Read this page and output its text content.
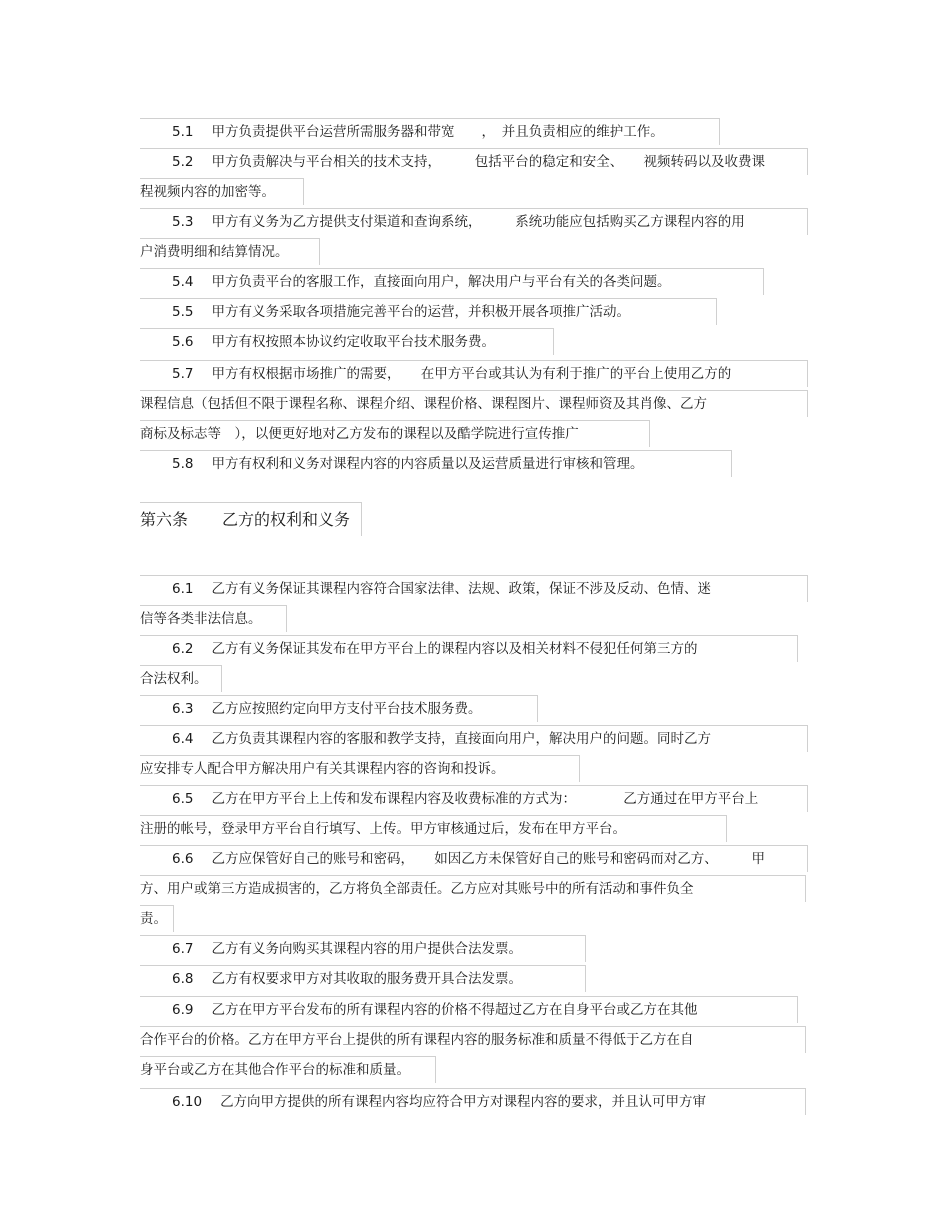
5.1 甲方负责提供平台运营所需服务器和带宽　　，　并且负责相应的维护工作。
5.2 甲方负责解决与平台相关的技术支持，　　　包括平台的稳定和安全、　　视频转码以及收费课
程视频内容的加密等。
5.3 甲方有义务为乙方提供支付渠道和查询系统，　　　系统功能应包括购买乙方课程内容的用
户消费明细和结算情况。
5.4 甲方负责平台的客服工作，直接面向用户，解决用户与平台有关的各类问题。
5.5 甲方有义务采取各项措施完善平台的运营，并积极开展各项推广活动。
5.6 甲方有权按照本协议约定收取平台技术服务费。
5.7 甲方有权根据市场推广的需要，　　在甲方平台或其认为有利于推广的平台上使用乙方的
课程信息（包括但不限于课程名称、课程介绍、课程价格、课程图片、课程师资及其肖像、乙方
商标及标志等　），以便更好地对乙方发布的课程以及酷学院进行宣传推广
5.8 甲方有权利和义务对课程内容的内容质量以及运营质量进行审核和管理。
第六条 乙方的权利和义务
6.1 乙方有义务保证其课程内容符合国家法律、法规、政策，保证不涉及反动、色情、迷
信等各类非法信息。
6.2 乙方有义务保证其发布在甲方平台上的课程内容以及相关材料不侵犯任何第三方的
合法权利。
6.3 乙方应按照约定向甲方支付平台技术服务费。
6.4 乙方负责其课程内容的客服和教学支持，直接面向用户，解决用户的问题。同时乙方
应安排专人配合甲方解决用户有关其课程内容的咨询和投诉。
6.5 乙方在甲方平台上上传和发布课程内容及收费标准的方式为：　　　　乙方通过在甲方平台上
注册的帐号，登录甲方平台自行填写、上传。甲方审核通过后，发布在甲方平台。
6.6 乙方应保管好自己的账号和密码，　　如因乙方未保管好自己的账号和密码而对乙方、　　　甲
方、用户或第三方造成损害的，乙方将负全部责任。乙方应对其账号中的所有活动和事件负全
责。
6.7 乙方有义务向购买其课程内容的用户提供合法发票。
6.8 乙方有权要求甲方对其收取的服务费开具合法发票。
6.9 乙方在甲方平台发布的所有课程内容的价格不得超过乙方在自身平台或乙方在其他
合作平台的价格。乙方在甲方平台上提供的所有课程内容的服务标准和质量不得低于乙方在自
身平台或乙方在其他合作平台的标准和质量。
6.10 乙方向甲方提供的所有课程内容均应符合甲方对课程内容的要求，并且认可甲方审
